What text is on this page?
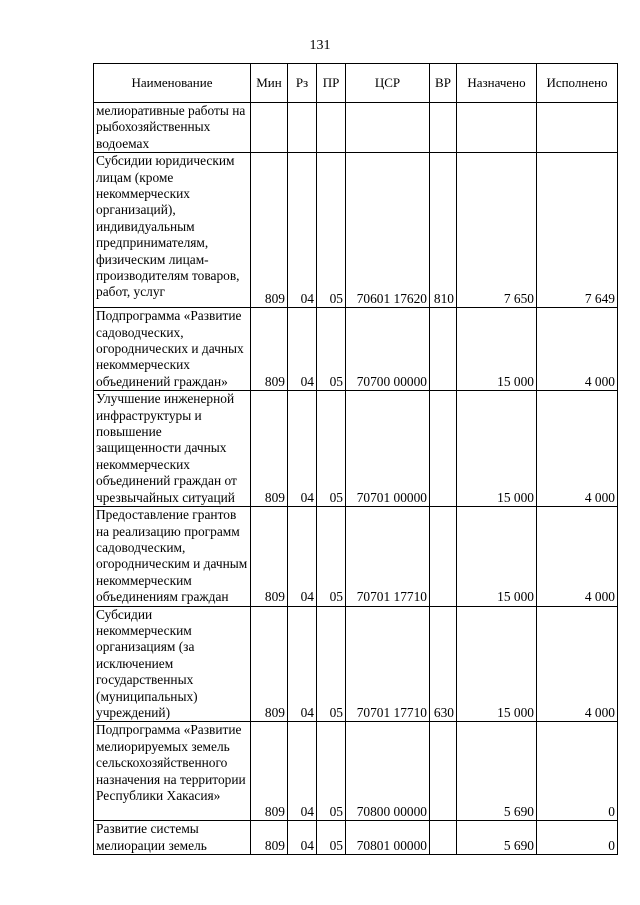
131
Наименование	Мин	Рз	ПР	ЦСР	ВР	Назначено	Исполнено
мелиоративные работы на рыбохозяйственных водоемах							
Субсидии юридическим лицам (кроме некоммерческих организаций), индивидуальным предпринимателям, физическим лицам-производителям товаров, работ, услуг	809	04	05	70601 17620	810	7 650	7 649
Подпрограмма «Развитие садоводческих, огороднических и дачных некоммерческих объединений граждан»	809	04	05	70700 00000		15 000	4 000
Улучшение инженерной инфраструктуры и повышение защищенности дачных некоммерческих объединений граждан от чрезвычайных ситуаций	809	04	05	70701 00000		15 000	4 000
Предоставление грантов на реализацию программ садоводческим, огородническим и дачным некоммерческим объединениям граждан	809	04	05	70701 17710		15 000	4 000
Субсидии некоммерческим организациям (за исключением государственных (муниципальных) учреждений)	809	04	05	70701 17710	630	15 000	4 000
Подпрограмма «Развитие мелиорируемых земель сельскохозяйственного назначения на территории Республики Хакасия»	809	04	05	70800 00000		5 690	0
Развитие системы мелиорации земель	809	04	05	70801 00000		5 690	0
